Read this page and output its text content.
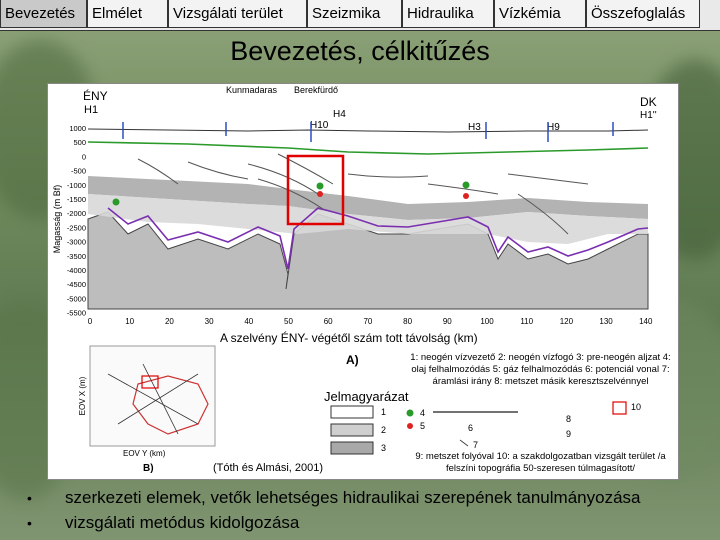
Bevezetés	Elmélet	Vizsgálati terület	Szeizmika	Hidraulika	Vízkémia	Összefoglalás
Bevezetés, célkitűzés
ÉNY	DK
H1	H1''
Kunmadaras Berekfürdő
H4
H10	H3	H9
Magasság (m Bf)
1000
500
0
-500
-1000
-1500
-2000
-2500
-3000
-3500
-4000
-4500
-5000
-5500
0	10	20	30	40	50	60	70	80	90	100	110	120	130	140
A szelvény ÉNY- végétől szám tott távolság (km)
A)
EOV X (m)
EOV Y (km)
B)
1
2
3
4
5	6
7
8
9
10
Jelmagyarázat
1: neogén vízvezető 2: neogén vízfogó 3: pre-neogén aljzat 4: olaj felhalmozódás 5: gáz felhalmozódás 6: potenciál vonal 7: áramlási irány 8: metszet másik keresztszelvénnyel
9: metszet folyóval 10: a szakdolgozatban vizsgált terület /a felszíni topográfia 50-szeresen túlmagasított/
(Tóth és Almási, 2001)
•	szerkezeti elemek, vetők lehetséges hidraulikai szerepének tanulmányozása
•	vizsgálati metódus kidolgozása
